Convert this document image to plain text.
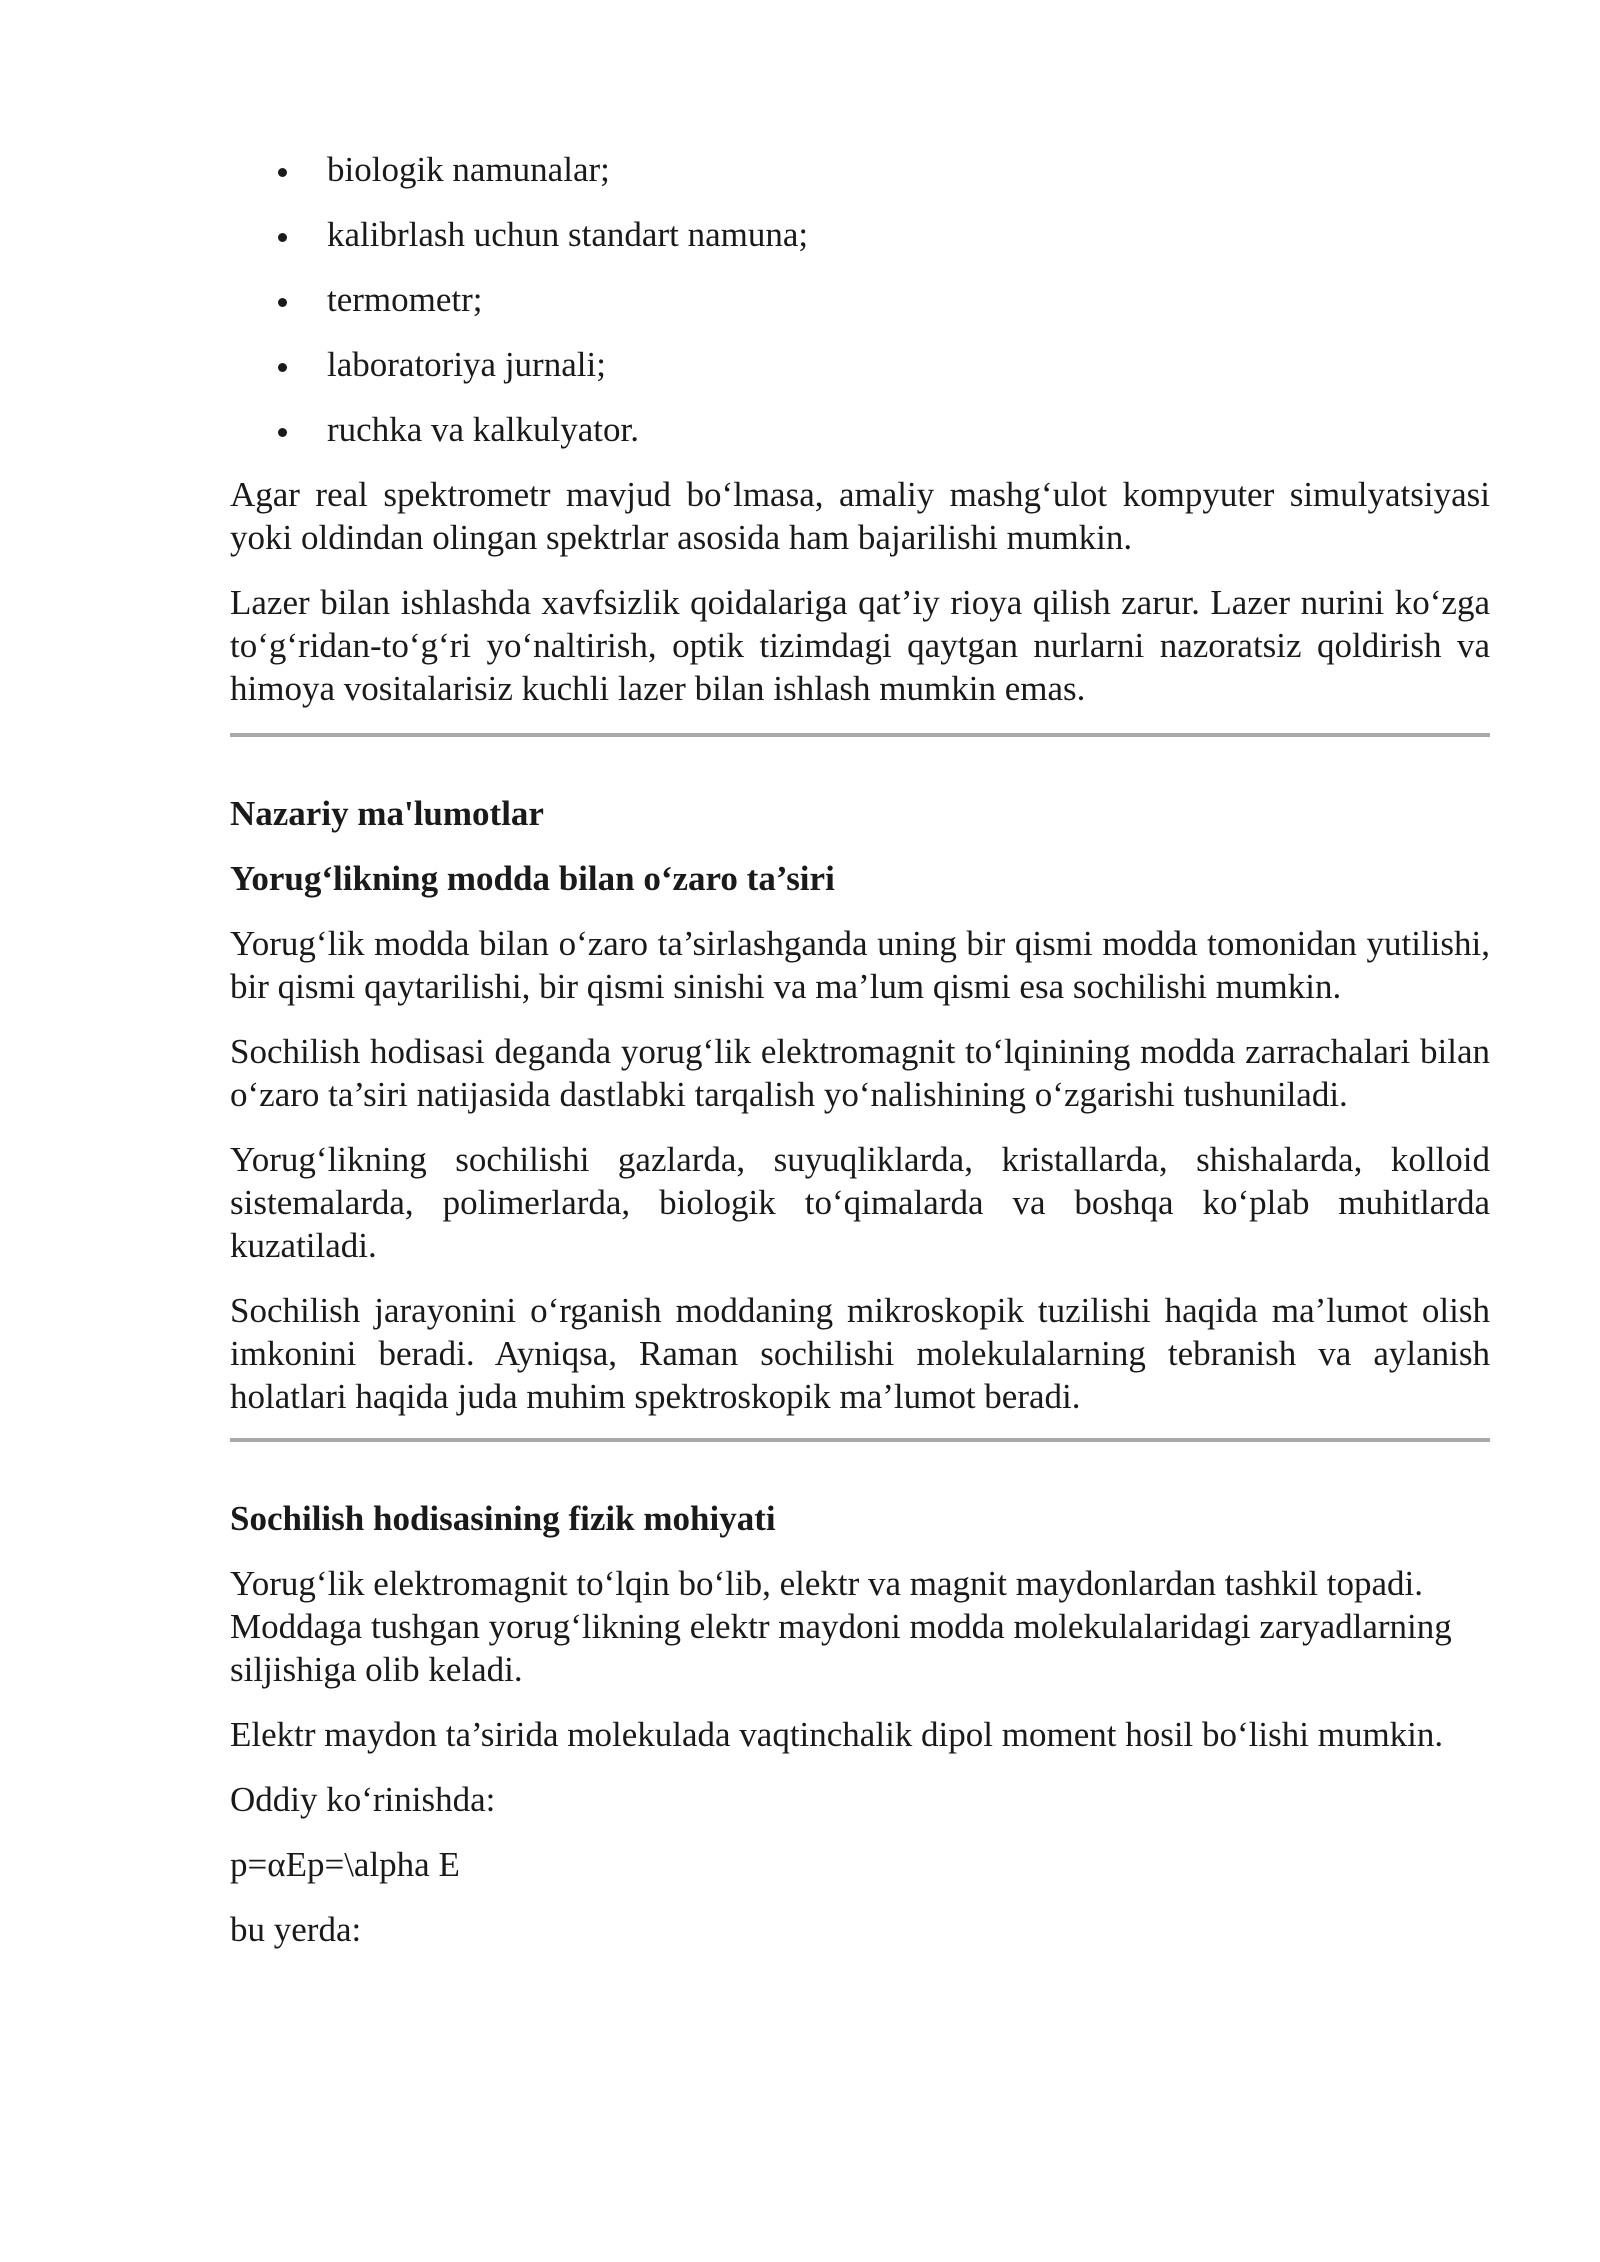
biologik namunalar;
kalibrlash uchun standart namuna;
termometr;
laboratoriya jurnali;
ruchka va kalkulyator.

Agar real spektrometr mavjud bo‘lmasa, amaliy mashg‘ulot kompyuter simulyatsiyasi yoki oldindan olingan spektrlar asosida ham bajarilishi mumkin.

Lazer bilan ishlashda xavfsizlik qoidalariga qat’iy rioya qilish zarur. Lazer nurini ko‘zga to‘g‘ridan-to‘g‘ri yo‘naltirish, optik tizimdagi qaytgan nurlarni nazoratsiz qoldirish va himoya vositalarisiz kuchli lazer bilan ishlash mumkin emas.

Nazariy ma'lumotlar
Yorug‘likning modda bilan o‘zaro ta’siri

Yorug‘lik modda bilan o‘zaro ta’sirlashganda uning bir qismi modda tomonidan yutilishi, bir qismi qaytarilishi, bir qismi sinishi va ma’lum qismi esa sochilishi mumkin.

Sochilish hodisasi deganda yorug‘lik elektromagnit to‘lqinining modda zarrachalari bilan o‘zaro ta’siri natijasida dastlabki tarqalish yo‘nalishining o‘zgarishi tushuniladi.

Yorug‘likning sochilishi gazlarda, suyuqliklarda, kristallarda, shishalarda, kolloid sistemalarda, polimerlarda, biologik to‘qimalarda va boshqa ko‘plab muhitlarda kuzatiladi.

Sochilish jarayonini o‘rganish moddaning mikroskopik tuzilishi haqida ma’lumot olish imkonini beradi. Ayniqsa, Raman sochilishi molekulalarning tebranish va aylanish holatlari haqida juda muhim spektroskopik ma’lumot beradi.

Sochilish hodisasining fizik mohiyati

Yorug‘lik elektromagnit to‘lqin bo‘lib, elektr va magnit maydonlardan tashkil topadi. Moddaga tushgan yorug‘likning elektr maydoni modda molekulalaridagi zaryadlarning siljishiga olib keladi.

Elektr maydon ta’sirida molekulada vaqtinchalik dipol moment hosil bo‘lishi mumkin.

Oddiy ko‘rinishda:

p=αEp=\alpha E

bu yerda:
